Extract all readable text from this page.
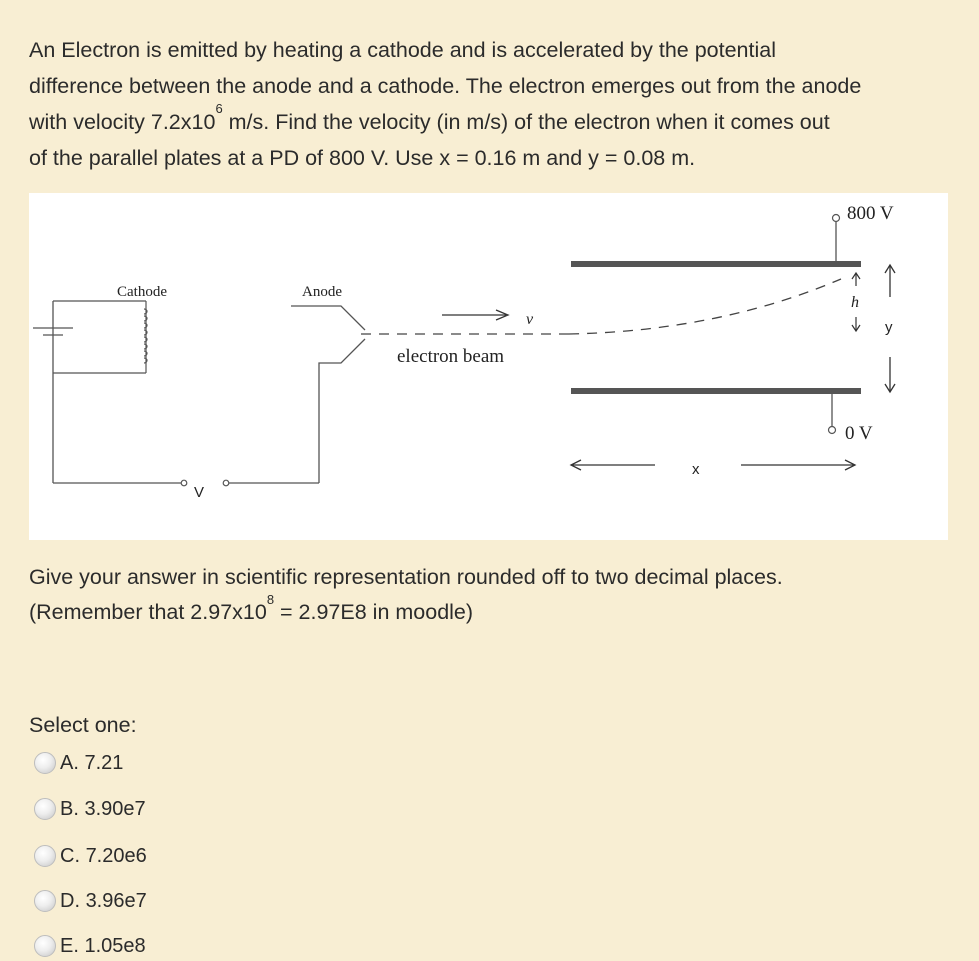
An Electron is emitted by heating a cathode and is accelerated by the potential
difference between the anode and a cathode. The electron emerges out from the anode
with velocity $7.2x10^6$ m/s. Find the velocity (in m/s) of the electron when it comes out
of the parallel plates at a PD of 800 V. Use x = 0.16 m and y = 0.08 m.
800 V
0 V
Cathode	Anode
v
electron beam
h
y
x
V
Give your answer in scientific representation rounded off to two decimal places.
(Remember that $2.97x10^8 = 2.97E8$ in moodle)
Select one:
A.
7.21
B.
3.90e7
C.
7.20e6
D.
3.96e7
E.
1.05e8
